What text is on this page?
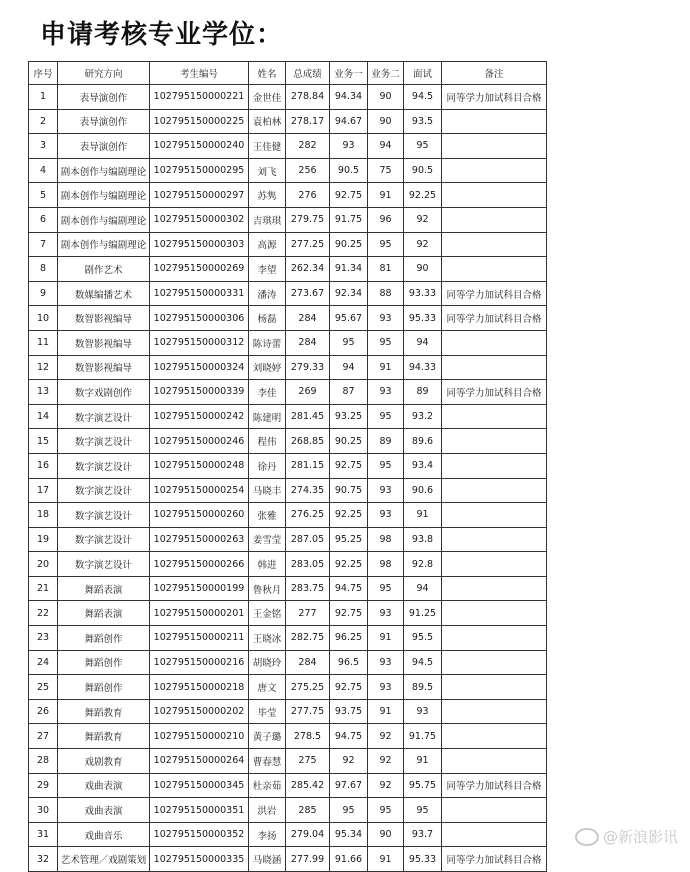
申请考核专业学位：
序号	研究方向	考生编号	姓名	总成绩	业务一	业务二	面试	备注
1	表导演创作	102795150000221	金世佳	278.84	94.34	90	94.5	同等学力加试科目合格
2	表导演创作	102795150000225	袁柏林	278.17	94.67	90	93.5	
3	表导演创作	102795150000240	王佳健	282	93	94	95	
4	剧本创作与编剧理论	102795150000295	刘飞	256	90.5	75	90.5	
5	剧本创作与编剧理论	102795150000297	苏隽	276	92.75	91	92.25	
6	剧本创作与编剧理论	102795150000302	吉琪琪	279.75	91.75	96	92	
7	剧本创作与编剧理论	102795150000303	高源	277.25	90.25	95	92	
8	剧作艺术	102795150000269	李望	262.34	91.34	81	90	
9	数媒编播艺术	102795150000331	潘涛	273.67	92.34	88	93.33	同等学力加试科目合格
10	数智影视编导	102795150000306	杨磊	284	95.67	93	95.33	同等学力加试科目合格
11	数智影视编导	102795150000312	陈诗蕾	284	95	95	94	
12	数智影视编导	102795150000324	刘晓婷	279.33	94	91	94.33	
13	数字戏剧创作	102795150000339	李佳	269	87	93	89	同等学力加试科目合格
14	数字演艺设计	102795150000242	陈建明	281.45	93.25	95	93.2	
15	数字演艺设计	102795150000246	程伟	268.85	90.25	89	89.6	
16	数字演艺设计	102795150000248	徐丹	281.15	92.75	95	93.4	
17	数字演艺设计	102795150000254	马晓丰	274.35	90.75	93	90.6	
18	数字演艺设计	102795150000260	张雅	276.25	92.25	93	91	
19	数字演艺设计	102795150000263	姜雪莹	287.05	95.25	98	93.8	
20	数字演艺设计	102795150000266	韩进	283.05	92.25	98	92.8	
21	舞蹈表演	102795150000199	鲁秋月	283.75	94.75	95	94	
22	舞蹈表演	102795150000201	王金铭	277	92.75	93	91.25	
23	舞蹈创作	102795150000211	王晓冰	282.75	96.25	91	95.5	
24	舞蹈创作	102795150000216	胡晓玲	284	96.5	93	94.5	
25	舞蹈创作	102795150000218	唐文	275.25	92.75	93	89.5	
26	舞蹈教育	102795150000202	毕莹	277.75	93.75	91	93	
27	舞蹈教育	102795150000210	黄子璐	278.5	94.75	92	91.75	
28	戏剧教育	102795150000264	曹春慧	275	92	92	91	
29	戏曲表演	102795150000345	杜亲茹	285.42	97.67	92	95.75	同等学力加试科目合格
30	戏曲表演	102795150000351	洪岩	285	95	95	95	
31	戏曲音乐	102795150000352	李扬	279.04	95.34	90	93.7	
32	艺术管理／戏剧策划	102795150000335	马晓涵	277.99	91.66	91	95.33	同等学力加试科目合格
@新浪影讯
